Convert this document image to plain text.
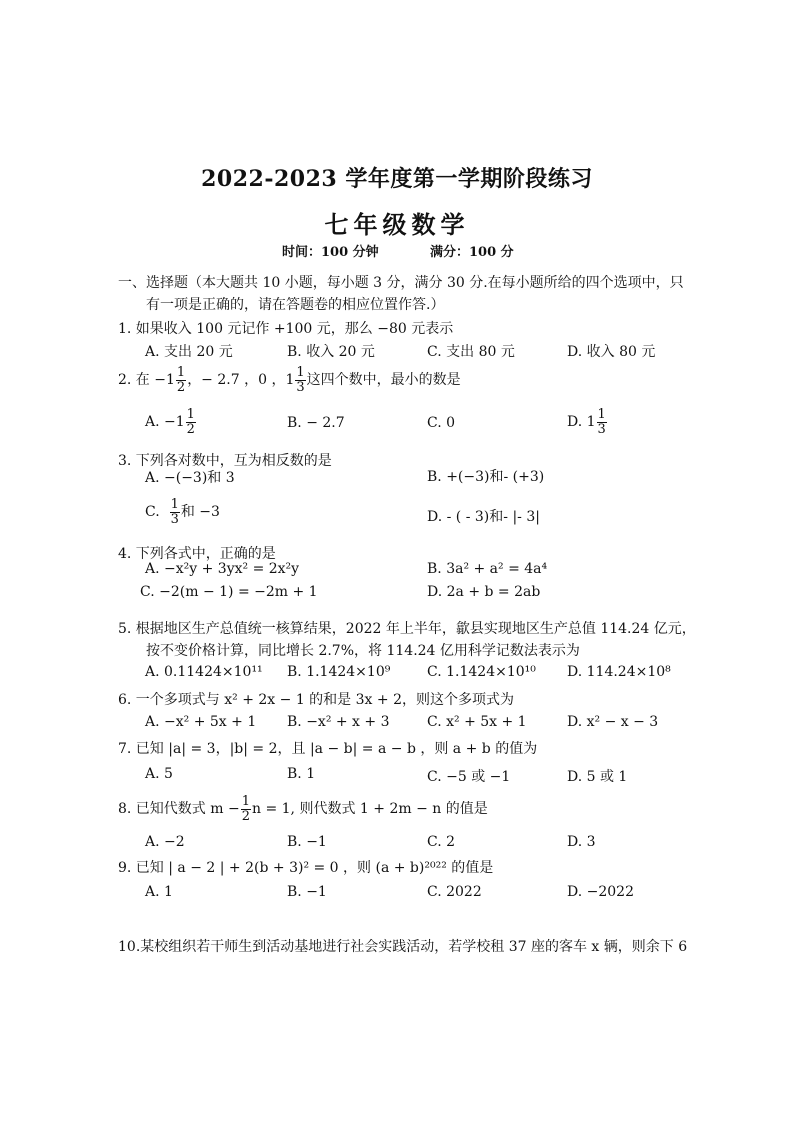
2022-2023 学年度第一学期阶段练习
七年级数学
时间：100 分钟	满分：100 分
一、选择题（本大题共 10 小题，每小题 3 分，满分 30 分.在每小题所给的四个选项中，只
有一项是正确的，请在答题卷的相应位置作答.）
1. 如果收入 100 元记作 +100 元，那么 −80 元表示
A. 支出 20 元	B. 收入 20 元	C. 支出 80 元	D. 收入 80 元
2. 在 $-1 \frac{1}{2}$ ，− 2.7 ，0 ，$1 \frac{1}{3}$ 这四个数中，最小的数是
A. $-1 \frac{1}{2}$	B. − 2.7	C. 0	D. $1 \frac{1}{3}$
3. 下列各对数中，互为相反数的是
A. −(−3)和 3	B. +(−3)和- (+3)
C. $\frac{1}{3}$ 和 −3	D. - ( - 3)和- |- 3|
4. 下列各式中，正确的是
A. −x²y + 3yx² = 2x²y	B. 3a² + a² = 4a⁴
C. −2(m − 1) = −2m + 1	D. 2a + b = 2ab
5. 根据地区生产总值统一核算结果，2022 年上半年，歙县实现地区生产总值 114.24 亿元，
按不变价格计算，同比增长 2.7%，将 114.24 亿用科学记数法表示为
A. 0.11424×10¹¹ B. 1.1424×10⁹	C. 1.1424×10¹⁰ D. 114.24×10⁸
6. 一个多项式与 x² + 2x − 1 的和是 3x + 2，则这个多项式为
A. −x² + 5x + 1 B. −x² + x + 3	C. x² + 5x + 1	D. x² − x − 3
7. 已知 |a| = 3，|b| = 2，且 |a − b| = a − b ，则 a + b 的值为
A. 5	B. 1	C. −5 或 −1	D. 5 或 1
8. 已知代数式 $m - \frac{1}{2}$ n = 1, 则代数式 1 + 2m − n 的值是
A. −2	B. −1	C. 2	D. 3
9. 已知 | a − 2 | + 2(b + 3)² = 0 ，则 (a + b)²⁰²² 的值是
A. 1	B. −1	C. 2022	D. −2022
10.某校组织若干师生到活动基地进行社会实践活动，若学校租 37 座的客车 x 辆，则余下 6
